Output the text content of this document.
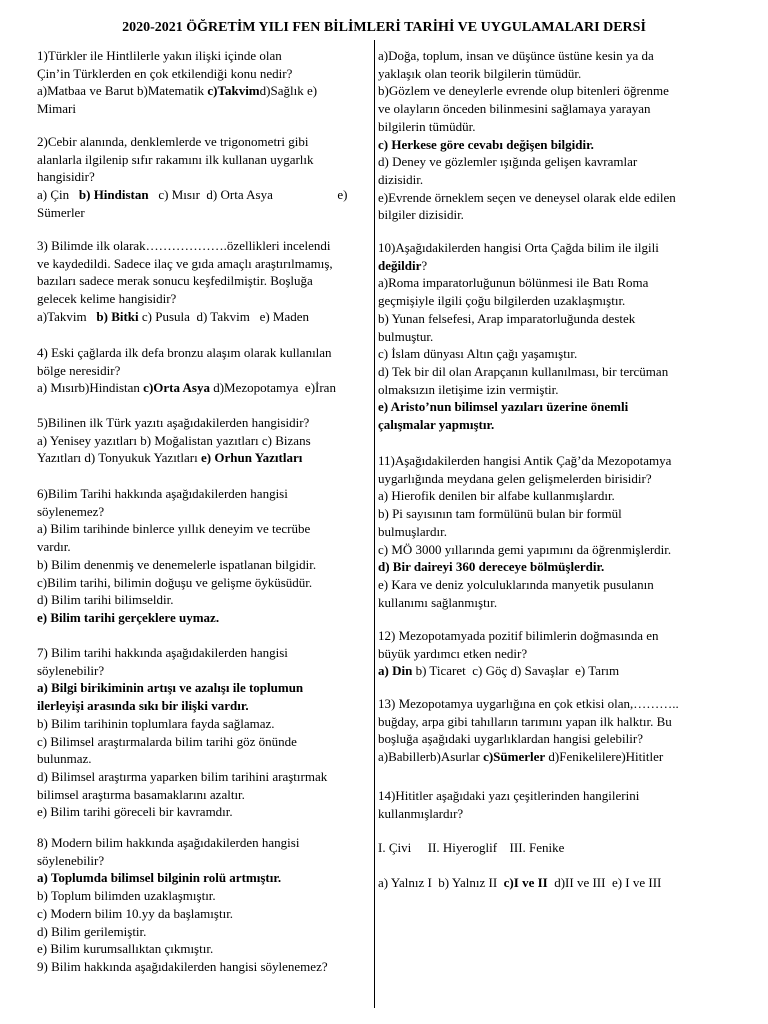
2020-2021 ÖĞRETİM YILI FEN BİLİMLERİ TARİHİ VE UYGULAMALARI DERSİ
1)Türkler ile Hintlilerle yakın ilişki içinde olan
Çin’in Türklerden en çok etkilendiği konu nedir?
a)Matbaa ve Barut b)Matematik c)Takvimd)Sağlık e)
Mimari
2)Cebir alanında, denklemlerde ve trigonometri gibi
alanlarla ilgilenip sıfır rakamını ilk kullanan uygarlık
hangisidir?
a) Çin b) Hindistan c) Mısır d) Orta Asya	e)
Sümerler
3) Bilimde ilk olarak……………….özellikleri incelendi
ve kaydedildi. Sadece ilaç ve gıda amaçlı araştırılmamış,
bazıları sadece merak sonucu keşfedilmiştir. Boşluğa
gelecek kelime hangisidir?
a)Takvim b) Bitki c) Pusula d) Takvim e) Maden
4) Eski çağlarda ilk defa bronzu alaşım olarak kullanılan
bölge neresidir?
a) Mısırb)Hindistan c)Orta Asya d)Mezopotamya e)İran
5)Bilinen ilk Türk yazıtı aşağıdakilerden hangisidir?
a) Yenisey yazıtları b) Moğalistan yazıtları c) Bizans
Yazıtları d) Tonyukuk Yazıtları e) Orhun Yazıtları
6)Bilim Tarihi hakkında aşağıdakilerden hangisi
söylenemez?
a) Bilim tarihinde binlerce yıllık deneyim ve tecrübe
vardır.
b) Bilim denenmiş ve denemelerle ispatlanan bilgidir.
c)Bilim tarihi, bilimin doğuşu ve gelişme öyküsüdür.
d) Bilim tarihi bilimseldir.
e) Bilim tarihi gerçeklere uymaz.
7) Bilim tarihi hakkında aşağıdakilerden hangisi
söylenebilir?
a) Bilgi birikiminin artışı ve azalışı ile toplumun
ilerleyişi arasında sıkı bir ilişki vardır.
b) Bilim tarihinin toplumlara fayda sağlamaz.
c) Bilimsel araştırmalarda bilim tarihi göz önünde
bulunmaz.
d) Bilimsel araştırma yaparken bilim tarihini araştırmak
bilimsel araştırma basamaklarını azaltır.
e) Bilim tarihi göreceli bir kavramdır.
8) Modern bilim hakkında aşağıdakilerden hangisi
söylenebilir?
a) Toplumda bilimsel bilginin rolü artmıştır.
b) Toplum bilimden uzaklaşmıştır.
c) Modern bilim 10.yy da başlamıştır.
d) Bilim gerilemiştir.
e) Bilim kurumsallıktan çıkmıştır.
9) Bilim hakkında aşağıdakilerden hangisi söylenemez?
a)Doğa, toplum, insan ve düşünce üstüne kesin ya da
yaklaşık olan teorik bilgilerin tümüdür.
b)Gözlem ve deneylerle evrende olup bitenleri öğrenme
ve olayların önceden bilinmesini sağlamaya yarayan
bilgilerin tümüdür.
c) Herkese göre cevabı değişen bilgidir.
d) Deney ve gözlemler ışığında gelişen kavramlar
dizisidir.
e)Evrende örneklem seçen ve deneysel olarak elde edilen
bilgiler dizisidir.
10)Aşağıdakilerden hangisi Orta Çağda bilim ile ilgili
değildir?
a)Roma imparatorluğunun bölünmesi ile Batı Roma
geçmişiyle ilgili çoğu bilgilerden uzaklaşmıştır.
b) Yunan felsefesi, Arap imparatorluğunda destek
bulmuştur.
c) İslam dünyası Altın çağı yaşamıştır.
d) Tek bir dil olan Arapçanın kullanılması, bir tercüman
olmaksızın iletişime izin vermiştir.
e) Aristo’nun bilimsel yazıları üzerine önemli
çalışmalar yapmıştır.
11)Aşağıdakilerden hangisi Antik Çağ’da Mezopotamya
uygarlığında meydana gelen gelişmelerden birisidir?
a) Hierofik denilen bir alfabe kullanmışlardır.
b) Pi sayısının tam formülünü bulan bir formül
bulmuşlardır.
c) MÖ 3000 yıllarında gemi yapımını da öğrenmişlerdir.
d) Bir daireyi 360 dereceye bölmüşlerdir.
e) Kara ve deniz yolculuklarında manyetik pusulanın
kullanımı sağlanmıştır.
12) Mezopotamyada pozitif bilimlerin doğmasında en
büyük yardımcı etken nedir?
a) Din b) Ticaret c) Göç d) Savaşlar e) Tarım
13) Mezopotamya uygarlığına en çok etkisi olan,………..
buğday, arpa gibi tahılların tarımını yapan ilk halktır. Bu
boşluğa aşağıdaki uygarlıklardan hangisi gelebilir?
a)Babillerb)Asurlar c)Sümerler d)Fenikelilere)Hititler
14)Hititler aşağıdaki yazı çeşitlerinden hangilerini
kullanmışlardır?
I. Çivi II. Hiyeroglif III. Fenike
a) Yalnız I b) Yalnız II c)I ve II d)II ve III e) I ve III
